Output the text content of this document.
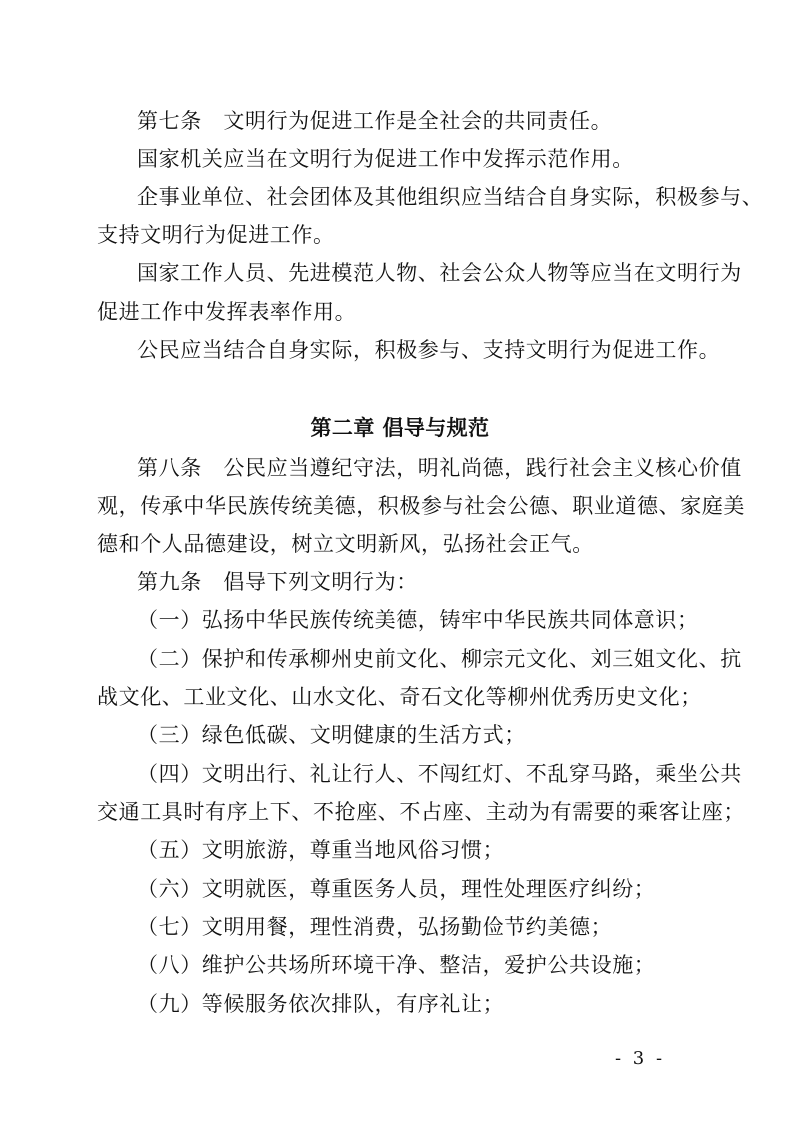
第七条　文明行为促进工作是全社会的共同责任。
国家机关应当在文明行为促进工作中发挥示范作用。
企事业单位、社会团体及其他组织应当结合自身实际，积极参与、
支持文明行为促进工作。
国家工作人员、先进模范人物、社会公众人物等应当在文明行为
促进工作中发挥表率作用。
公民应当结合自身实际，积极参与、支持文明行为促进工作。
第二章 倡导与规范
第八条　公民应当遵纪守法，明礼尚德，践行社会主义核心价值
观，传承中华民族传统美德，积极参与社会公德、职业道德、家庭美
德和个人品德建设，树立文明新风，弘扬社会正气。
第九条　倡导下列文明行为：
（一）弘扬中华民族传统美德，铸牢中华民族共同体意识；
（二）保护和传承柳州史前文化、柳宗元文化、刘三姐文化、抗
战文化、工业文化、山水文化、奇石文化等柳州优秀历史文化；
（三）绿色低碳、文明健康的生活方式；
（四）文明出行、礼让行人、不闯红灯、不乱穿马路，乘坐公共
交通工具时有序上下、不抢座、不占座、主动为有需要的乘客让座；
（五）文明旅游，尊重当地风俗习惯；
（六）文明就医，尊重医务人员，理性处理医疗纠纷；
（七）文明用餐，理性消费，弘扬勤俭节约美德；
（八）维护公共场所环境干净、整洁，爱护公共设施；
（九）等候服务依次排队，有序礼让；
- 3 -
